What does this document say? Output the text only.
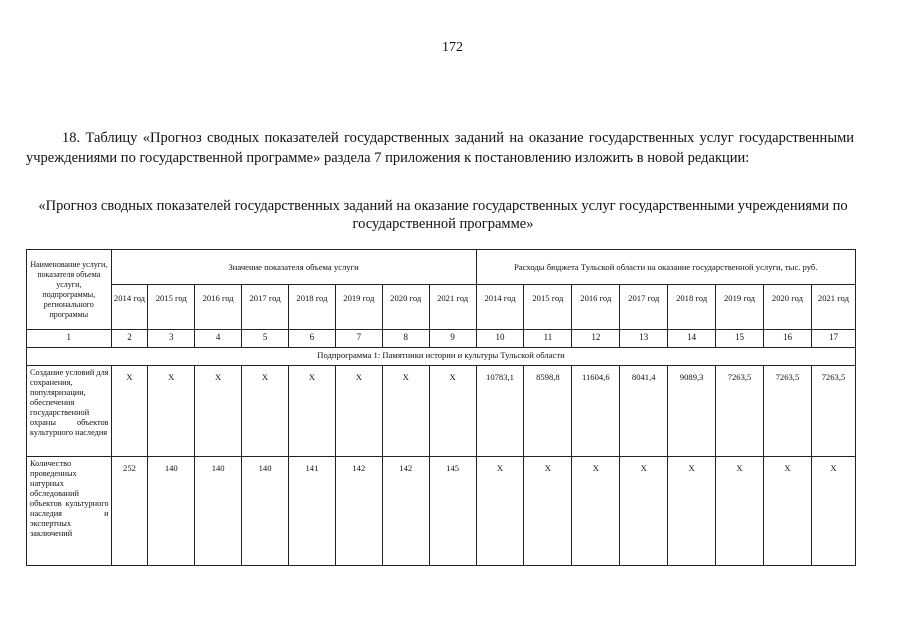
172
18. Таблицу «Прогноз сводных показателей государственных заданий на оказание государственных услуг государственными учреждениями по государственной программе» раздела 7 приложения к постановлению изложить в новой редакции:
«Прогноз сводных показателей государственных заданий на оказание государственных услуг государственными учреждениями по государственной программе»
Наименование услуги, показателя объема услуги, подпрограммы, регионального программы	Значение показателя объема услуги								Расходы бюджета Тульской области на оказание государственной услуги, тыс. руб.							
	2014 год	2015 год	2016 год	2017 год	2018 год	2019 год	2020 год	2021 год	2014 год	2015 год	2016 год	2017 год	2018 год	2019 год	2020 год	2021 год
1	2	3	4	5	6	7	8	9	10	11	12	13	14	15	16	17
Подпрограмма 1: Памятники истории и культуры Тульской области																
Создание условий для сохранения, популяризации, обеспечения государственной охраны объектов культурного наследия	Х	Х	Х	Х	Х	Х	Х	Х	10783,1	8598,8	11604,6	8041,4	9089,3	7263,5	7263,5	7263,5
Количество проведенных натурных обследований объектов культурного наследия и экспертных заключений	252	140	140	140	141	142	142	145	Х	Х	Х	Х	Х	Х	Х	Х
